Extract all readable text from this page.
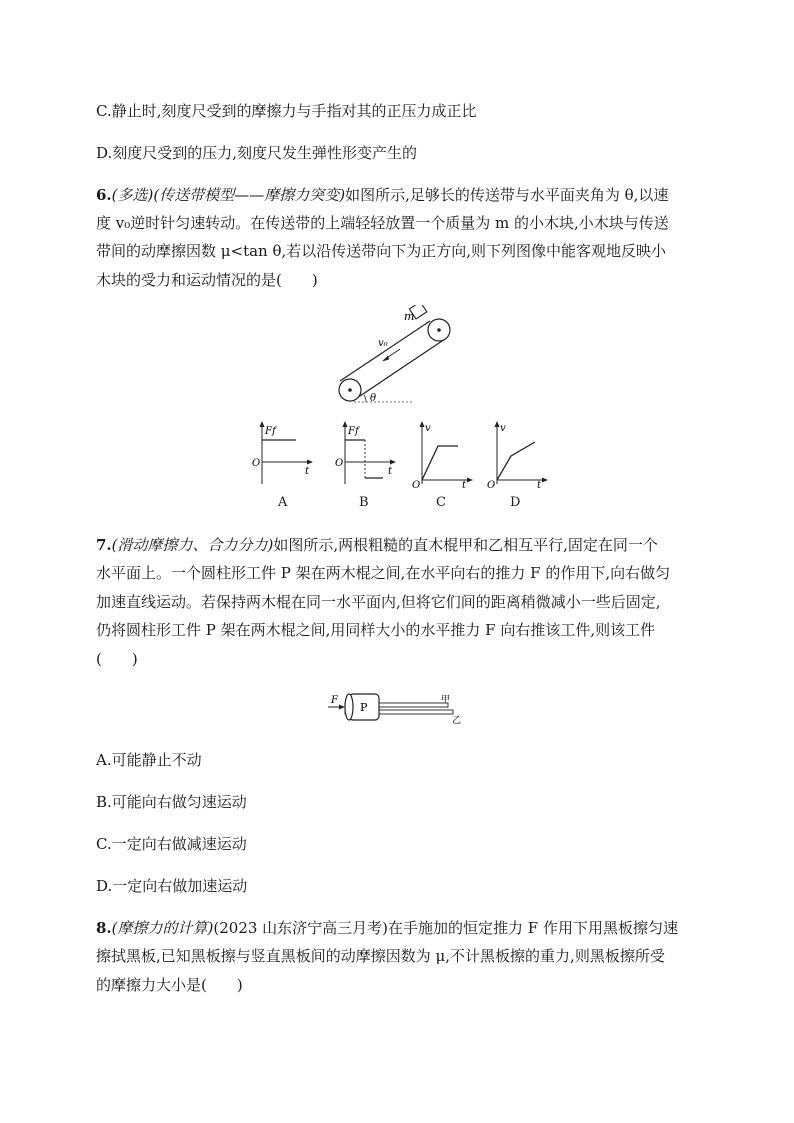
C.静止时,刻度尺受到的摩擦力与手指对其的正压力成正比
D.刻度尺受到的压力,刻度尺发生弹性形变产生的
6.(多选)(传送带模型——摩擦力突变)如图所示,足够长的传送带与水平面夹角为 θ,以速
度 v₀逆时针匀速转动。在传送带的上端轻轻放置一个质量为 m 的小木块,小木块与传送
带间的动摩擦因数 μ<tan θ,若以沿传送带向下为正方向,则下列图像中能客观地反映小
木块的受力和运动情况的是(　　)
m
v₀
θ
Ff
O
t
A
Ff
O
t
B
v
O	t
C
v
O	t
D
7.(滑动摩擦力、合力分力)如图所示,两根粗糙的直木棍甲和乙相互平行,固定在同一个
水平面上。一个圆柱形工件 P 架在两木棍之间,在水平向右的推力 F 的作用下,向右做匀
加速直线运动。若保持两木棍在同一水平面内,但将它们间的距离稍微减小一些后固定,
仍将圆柱形工件 P 架在两木棍之间,用同样大小的水平推力 F 向右推该工件,则该工件
(　　)
F
P
甲
乙
A.可能静止不动
B.可能向右做匀速运动
C.一定向右做减速运动
D.一定向右做加速运动
8.(摩擦力的计算)(2023 山东济宁高三月考)在手施加的恒定推力 F 作用下用黑板擦匀速
擦拭黑板,已知黑板擦与竖直黑板间的动摩擦因数为 μ,不计黑板擦的重力,则黑板擦所受
的摩擦力大小是(　　)
